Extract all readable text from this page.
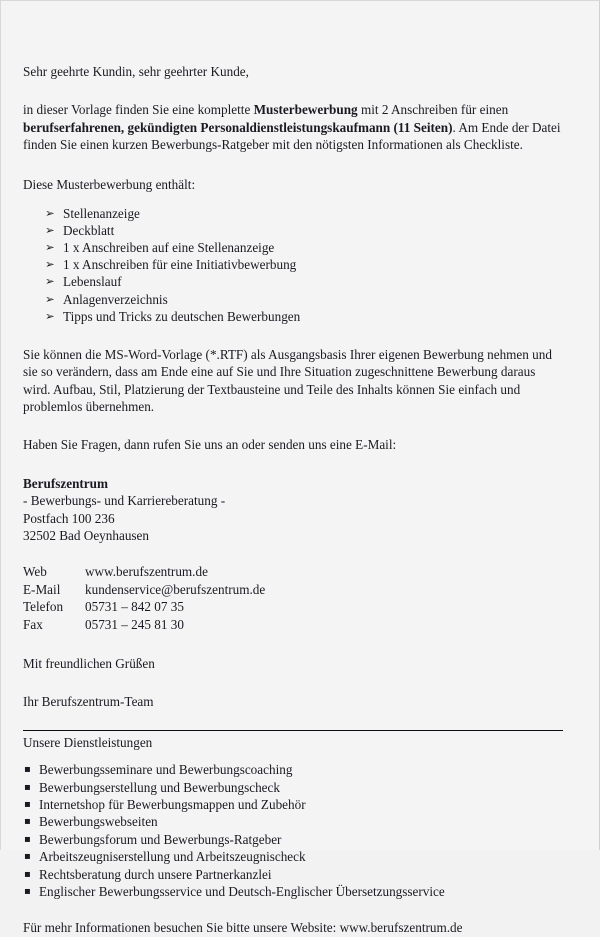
Sehr geehrte Kundin, sehr geehrter Kunde,

in dieser Vorlage finden Sie eine komplette Musterbewerbung mit 2 Anschreiben für einen berufserfahrenen, gekündigten Personaldienstleistungskaufmann (11 Seiten). Am Ende der Datei finden Sie einen kurzen Bewerbungs-Ratgeber mit den nötigsten Informationen als Checkliste.

Diese Musterbewerbung enthält:

➢ Stellenanzeige
➢ Deckblatt
➢ 1 x Anschreiben auf eine Stellenanzeige
➢ 1 x Anschreiben für eine Initiativbewerbung
➢ Lebenslauf
➢ Anlagenverzeichnis
➢ Tipps und Tricks zu deutschen Bewerbungen

Sie können die MS-Word-Vorlage (*.RTF) als Ausgangsbasis Ihrer eigenen Bewerbung nehmen und sie so verändern, dass am Ende eine auf Sie und Ihre Situation zugeschnittene Bewerbung daraus wird. Aufbau, Stil, Platzierung der Textbausteine und Teile des Inhalts können Sie einfach und problemlos übernehmen.

Haben Sie Fragen, dann rufen Sie uns an oder senden uns eine E-Mail:

Berufszentrum
- Bewerbungs- und Karriereberatung -
Postfach 100 236
32502 Bad Oeynhausen
Web	www.berufszentrum.de
E-Mail	kundenservice@berufszentrum.de
Telefon	05731 – 842 07 35
Fax	05731 – 245 81 30

Mit freundlichen Grüßen

Ihr Berufszentrum-Team

Unsere Dienstleistungen

▪ Bewerbungsseminare und Bewerbungscoaching
▪ Bewerbungserstellung und Bewerbungscheck
▪ Internetshop für Bewerbungsmappen und Zubehör
▪ Bewerbungswebseiten
▪ Bewerbungsforum und Bewerbungs-Ratgeber
▪ Arbeitszeugniserstellung und Arbeitszeugnischeck
▪ Rechtsberatung durch unsere Partnerkanzlei
▪ Englischer Bewerbungsservice und Deutsch-Englischer Übersetzungsservice

Für mehr Informationen besuchen Sie bitte unsere Website: www.berufszentrum.de
